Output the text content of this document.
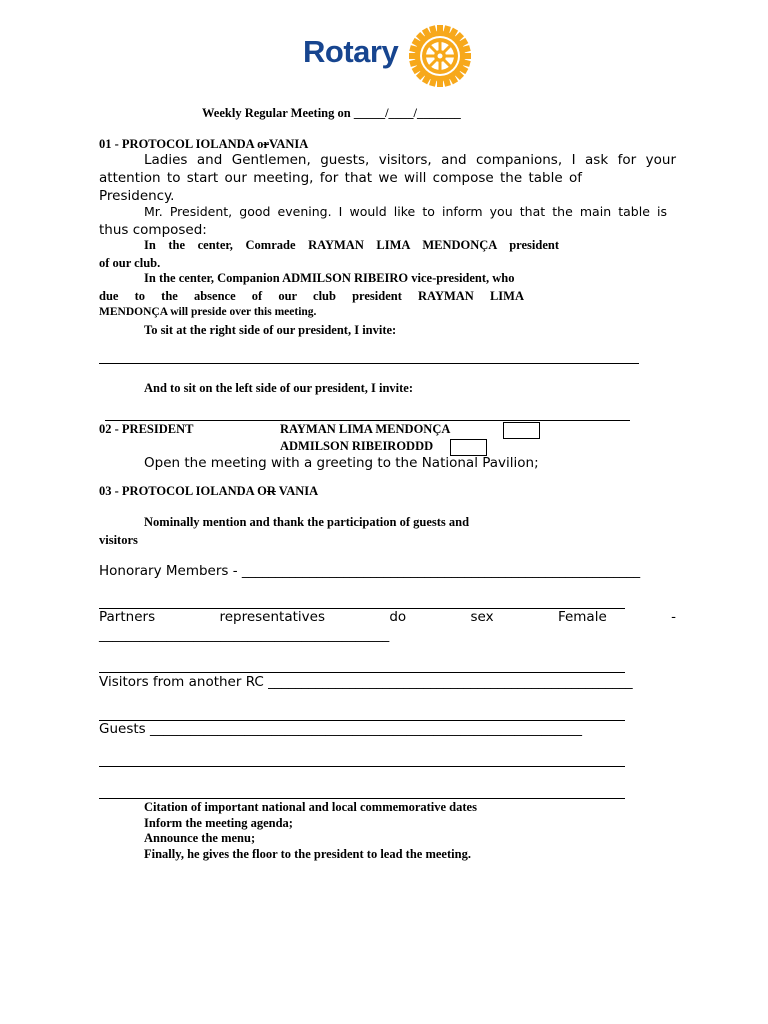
Rotary
Weekly Regular Meeting on _____/____/_______
01 - PROTOCOL IOLANDA orVANIA
Ladies and Gentlemen, guests, visitors, and companions, I ask for your
attention to start our meeting, for that we will compose the table of
Presidency.
Mr. President, good evening. I would like to inform you that the main table is
thus composed:
In the center, Comrade RAYMAN LIMA MENDONÇA president
of our club.
In the center, Companion ADMILSON RIBEIRO vice-president, who
due to the absence of our club president RAYMAN LIMA
MENDONÇA will preside over this meeting.
To sit at the right side of our president, I invite:
And to sit on the left side of our president, I invite:
02 - PRESIDENT	RAYMAN LIMA MENDONÇA
ADMILSON RIBEIRODDD
Open the meeting with a greeting to the National Pavilion;
03 - PROTOCOL IOLANDA OR VANIA
Nominally mention and thank the participation of guests and
visitors
Honorary Members - ___________________________________________________________
Partners	representatives	do	sex	Female	-
___________________________________________
Visitors from another RC ______________________________________________________
Guests ________________________________________________________________
Citation of important national and local commemorative dates
Inform the meeting agenda;
Announce the menu;
Finally, he gives the floor to the president to lead the meeting.
